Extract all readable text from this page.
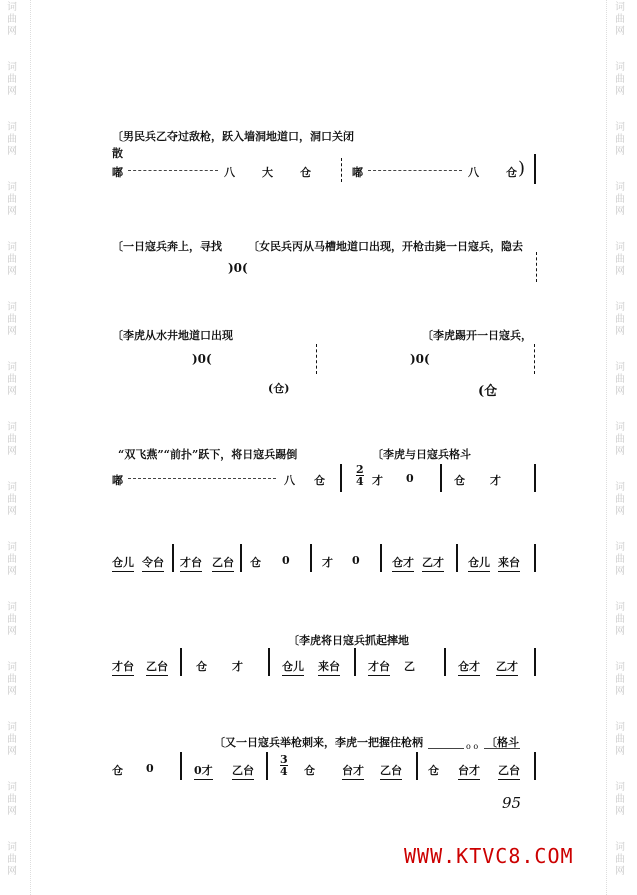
词
曲
网
词
曲
网
词
曲
网
词
曲
网
词
曲
网
词
曲
网
词
曲
网
词
曲
网
词
曲
网
词
曲
网
词
曲
网
词
曲
网
词
曲
网
词
曲
网
词
曲
网
词
曲
网
词
曲
网
词
曲
网
词
曲
网
词
曲
网
词
曲
网
词
曲
网
词
曲
网
词
曲
网
词
曲
网
词
曲
网
词
曲
网
词
曲
网
词
曲
网
词
曲
网
〔男民兵乙夺过敌枪，跃入墙洞地道口，洞口关闭
散
嘟	八 大 仓	嘟	八 仓 )
〔一日寇兵奔上，寻找 〔女民兵丙从马槽地道口出现，开枪击毙一日寇兵，隐去
)0(
〔李虎从水井地道口出现	〔李虎踢开一日寇兵，
)0(	)0(
(仓)	(仓
“双飞燕”“前扑”跃下，将日寇兵踢倒	〔李虎与日寇兵格斗
嘟	八 仓	$\frac{2}{4}$ 才 0	仓 才
仓儿 令台 才台 乙台 仓 0	才 0	仓才 乙才 仓儿 来台
〔李虎将日寇兵抓起摔地
才台 乙台	仓 才	仓儿 来台	才台 乙	仓才 乙才
〔又一日寇兵举枪刺来，李虎一把握住枪柄	〔格斗
仓 0	0才 乙台 $\frac{3}{4}$ 仓 台才 乙台
o o
仓 台才 乙台
95
WWW.KTVC8.COM
